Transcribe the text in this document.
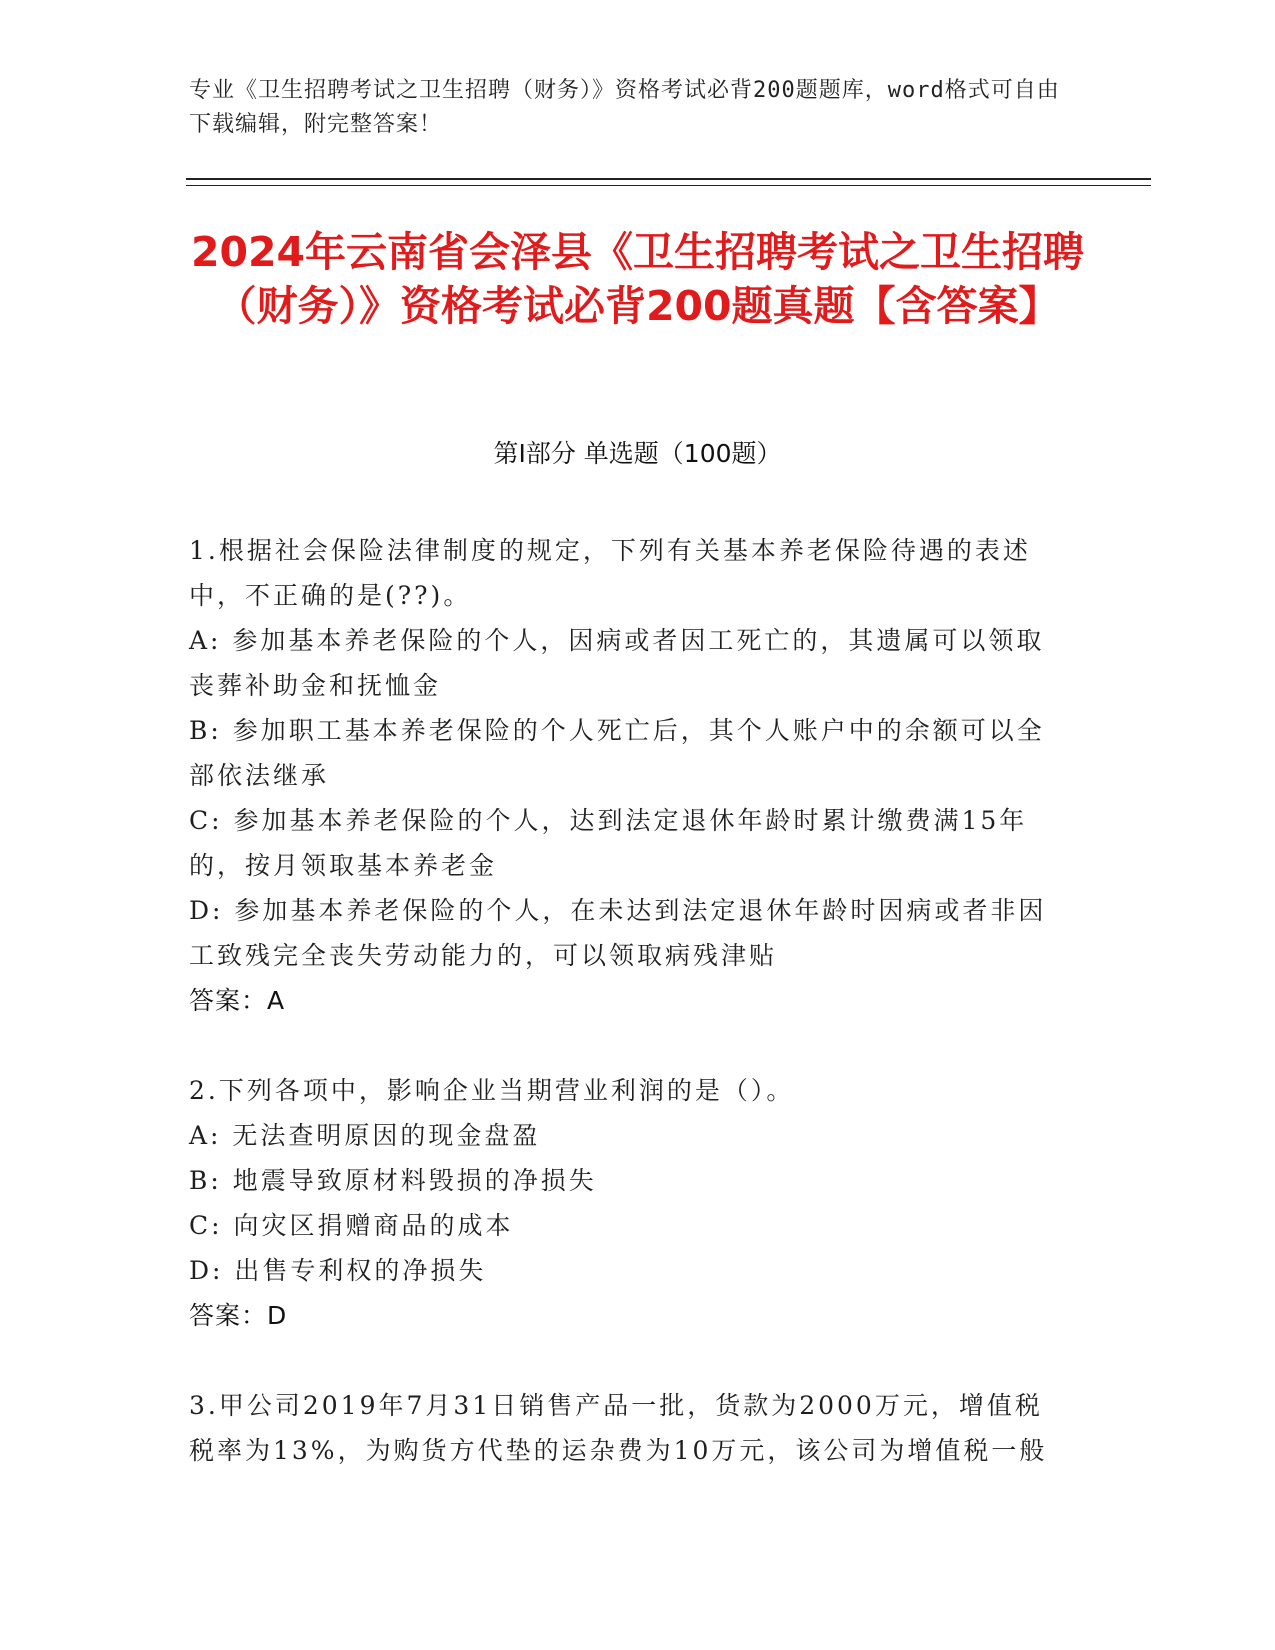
专业《卫生招聘考试之卫生招聘（财务）》资格考试必背200题题库，word格式可自由下载编辑，附完整答案！
2024年云南省会泽县《卫生招聘考试之卫生招聘（财务）》资格考试必背200题真题【含答案】
第I部分 单选题（100题）

1.根据社会保险法律制度的规定，下列有关基本养老保险待遇的表述中，不正确的是(??)。

A: 参加基本养老保险的个人，因病或者因工死亡的，其遗属可以领取丧葬补助金和抚恤金

B: 参加职工基本养老保险的个人死亡后，其个人账户中的余额可以全部依法继承

C: 参加基本养老保险的个人，达到法定退休年龄时累计缴费满15年的，按月领取基本养老金

D: 参加基本养老保险的个人，在未达到法定退休年龄时因病或者非因工致残完全丧失劳动能力的，可以领取病残津贴

答案：A

2.下列各项中，影响企业当期营业利润的是（）。

A: 无法查明原因的现金盘盈

B: 地震导致原材料毁损的净损失

C: 向灾区捐赠商品的成本

D: 出售专利权的净损失

答案：D

3.甲公司2019年7月31日销售产品一批，货款为2000万元，增值税税率为13%，为购货方代垫的运杂费为10万元，该公司为增值税一般
